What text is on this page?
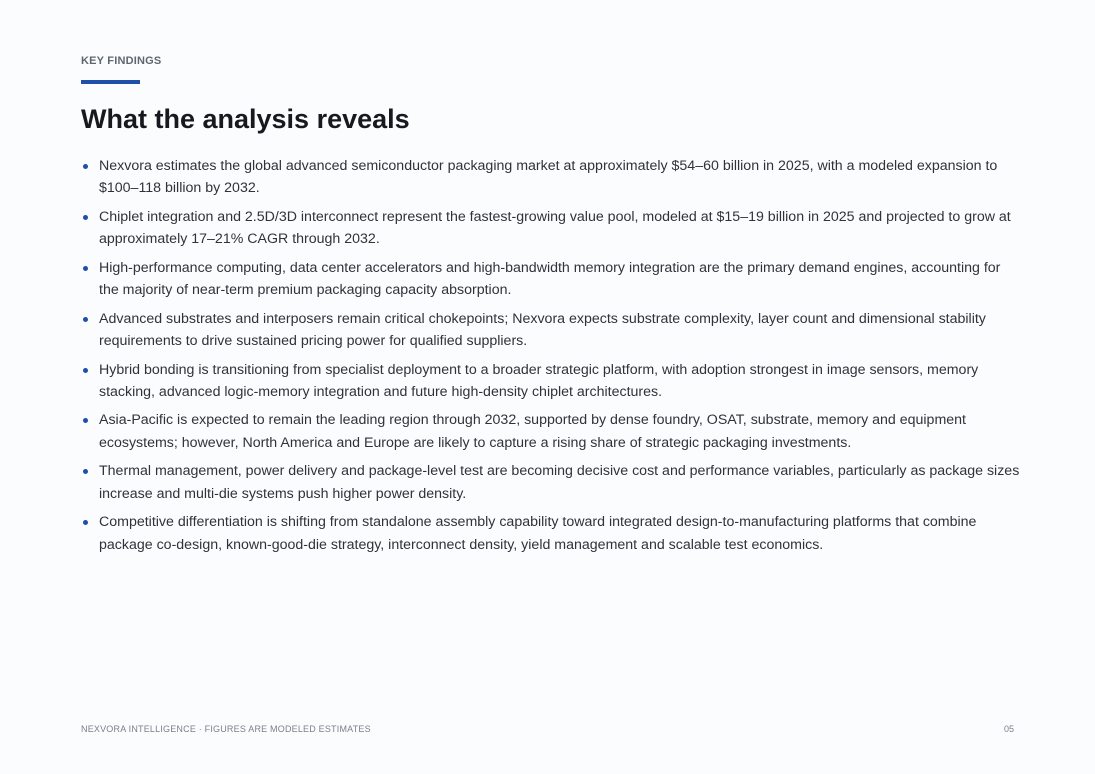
KEY FINDINGS
What the analysis reveals
Nexvora estimates the global advanced semiconductor packaging market at approximately $54–60 billion in 2025, with a modeled expansion to $100–118 billion by 2032.
Chiplet integration and 2.5D/3D interconnect represent the fastest-growing value pool, modeled at $15–19 billion in 2025 and projected to grow at approximately 17–21% CAGR through 2032.
High-performance computing, data center accelerators and high-bandwidth memory integration are the primary demand engines, accounting for the majority of near-term premium packaging capacity absorption.
Advanced substrates and interposers remain critical chokepoints; Nexvora expects substrate complexity, layer count and dimensional stability requirements to drive sustained pricing power for qualified suppliers.
Hybrid bonding is transitioning from specialist deployment to a broader strategic platform, with adoption strongest in image sensors, memory stacking, advanced logic-memory integration and future high-density chiplet architectures.
Asia-Pacific is expected to remain the leading region through 2032, supported by dense foundry, OSAT, substrate, memory and equipment ecosystems; however, North America and Europe are likely to capture a rising share of strategic packaging investments.
Thermal management, power delivery and package-level test are becoming decisive cost and performance variables, particularly as package sizes increase and multi-die systems push higher power density.
Competitive differentiation is shifting from standalone assembly capability toward integrated design-to-manufacturing platforms that combine package co-design, known-good-die strategy, interconnect density, yield management and scalable test economics.
NEXVORA INTELLIGENCE · FIGURES ARE MODELED ESTIMATES	05
